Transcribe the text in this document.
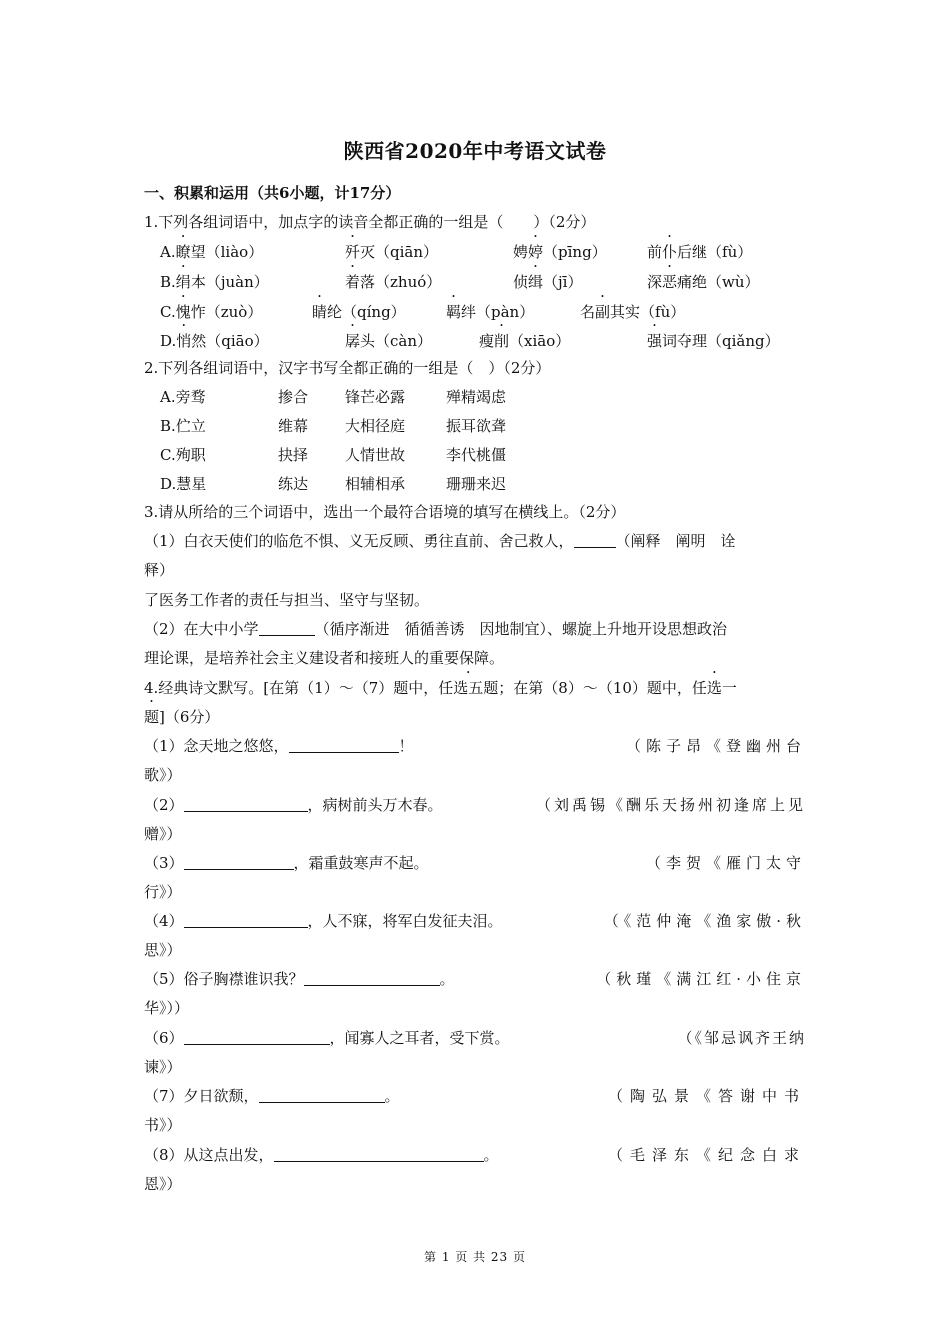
陕西省2020年中考语文试卷
一、积累和运用（共6小题，计17分）
1.下列各组词语中，加点字的读音全都正确的一组是（　　）（2分）
A.瞭望（liào）	歼灭（qiān）	娉婷（pīng）	前仆后继（fù）
B.绢本（juàn）	着落（zhuó）	侦缉（jī）	深恶痛绝（wù）
C.愧怍（zuò）	睛纶（qíng）	羁绊（pàn）	名副其实（fù）
D.悄然（qiāo）	孱头（càn）	瘦削（xiāo）	强词夺理（qiǎng）
2.下列各组词语中，汉字书写全都正确的一组是（　）（2分）
A.旁骛	掺合 锋芒必露	殚精竭虑
B.伫立	维幕 大相径庭	振耳欲聋
C.殉职	抉择 人情世故	李代桃僵
D.慧星	练达 相辅相承	珊珊来迟
3.请从所给的三个词语中，选出一个最符合语境的填写在横线上。（2分）
（1）白衣天使们的临危不惧、义无反顾、勇往直前、舍己救人，	（阐释　阐明　诠
释）
了医务工作者的责任与担当、坚守与坚韧。
（2）在大中小学	（循序渐进　循循善诱　因地制宜）、螺旋上升地开设思想政治
理论课，是培养社会主义建设者和接班人的重要保障。
4.经典诗文默写。[在第（1）～（7）题中，任选五题；在第（8）～（10）题中，任选一
题]（6分）
（1）念天地之悠悠，	！	（陈子昂《登幽州台
歌》）
（2）	，病树前头万木春。	（刘禹锡《酬乐天扬州初逢席上见
赠》）
（3）	，霜重鼓寒声不起。	（李贺《雁门太守
行》）
（4）	，人不寐，将军白发征夫泪。	（《范仲淹《渔家傲·秋
思》）
（5）俗子胸襟谁识我？	。	（秋瑾《满江红·小住京
华》））
（6）	，闻寡人之耳者，受下赏。	（《邹忌讽齐王纳
谏》）
（7）夕日欲颓，	。	（陶弘景《答谢中书
书》）
（8）从这点出发，	。	（毛泽东《纪念白求
恩》）
第 1 页 共 23 页
